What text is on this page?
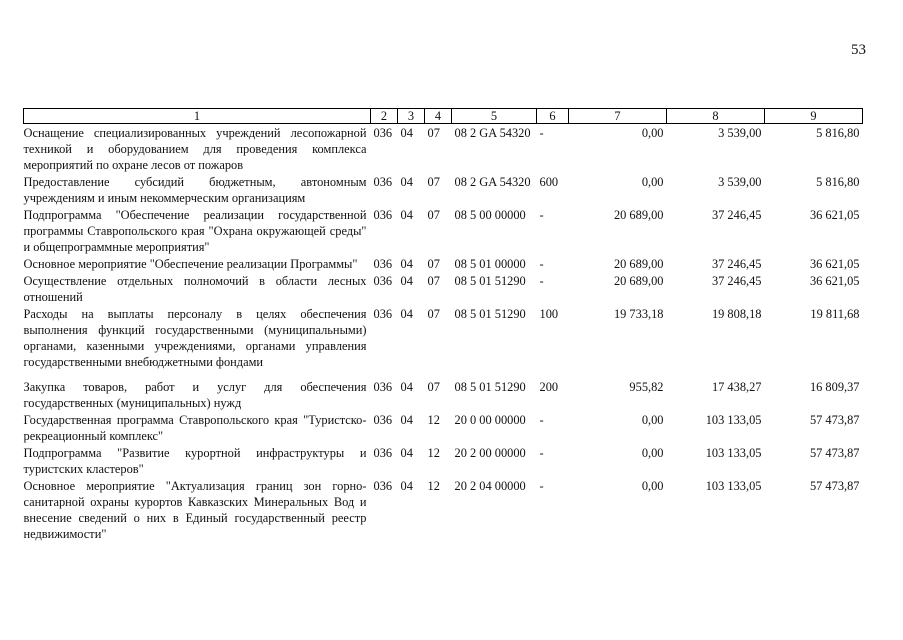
53
1	2	3	4	5	6	7	8	9
Оснащение специализированных учреждений лесопожарной техникой и оборудованием для проведения комплекса мероприятий по охране лесов от пожаров	036	04	07	08 2 GA 54320	-	0,00	3 539,00	5 816,80
Предоставление субсидий бюджетным, автономным учреждениям и иным некоммерческим организациям	036	04	07	08 2 GA 54320	600	0,00	3 539,00	5 816,80
Подпрограмма "Обеспечение реализации государственной программы Ставропольского края "Охрана окружающей среды" и общепрограммные мероприятия"	036	04	07	08 5 00 00000	-	20 689,00	37 246,45	36 621,05
Основное мероприятие "Обеспечение реализации Программы"	036	04	07	08 5 01 00000	-	20 689,00	37 246,45	36 621,05
Осуществление отдельных полномочий в области лесных отношений	036	04	07	08 5 01 51290	-	20 689,00	37 246,45	36 621,05
Расходы на выплаты персоналу в целях обеспечения выполнения функций государственными (муниципальными) органами, казенными учреждениями, органами управления государственными внебюджетными фондами	036	04	07	08 5 01 51290	100	19 733,18	19 808,18	19 811,68

Закупка товаров, работ и услуг для обеспечения государственных (муниципальных) нужд	036	04	07	08 5 01 51290	200	955,82	17 438,27	16 809,37
Государственная программа Ставропольского края "Туристско-рекреационный комплекс"	036	04	12	20 0 00 00000	-	0,00	103 133,05	57 473,87
Подпрограмма "Развитие курортной инфраструктуры и туристских кластеров"	036	04	12	20 2 00 00000	-	0,00	103 133,05	57 473,87
Основное мероприятие "Актуализация границ зон горно-санитарной охраны курортов Кавказских Минеральных Вод и внесение сведений о них в Единый государственный реестр недвижимости"	036	04	12	20 2 04 00000	-	0,00	103 133,05	57 473,87
